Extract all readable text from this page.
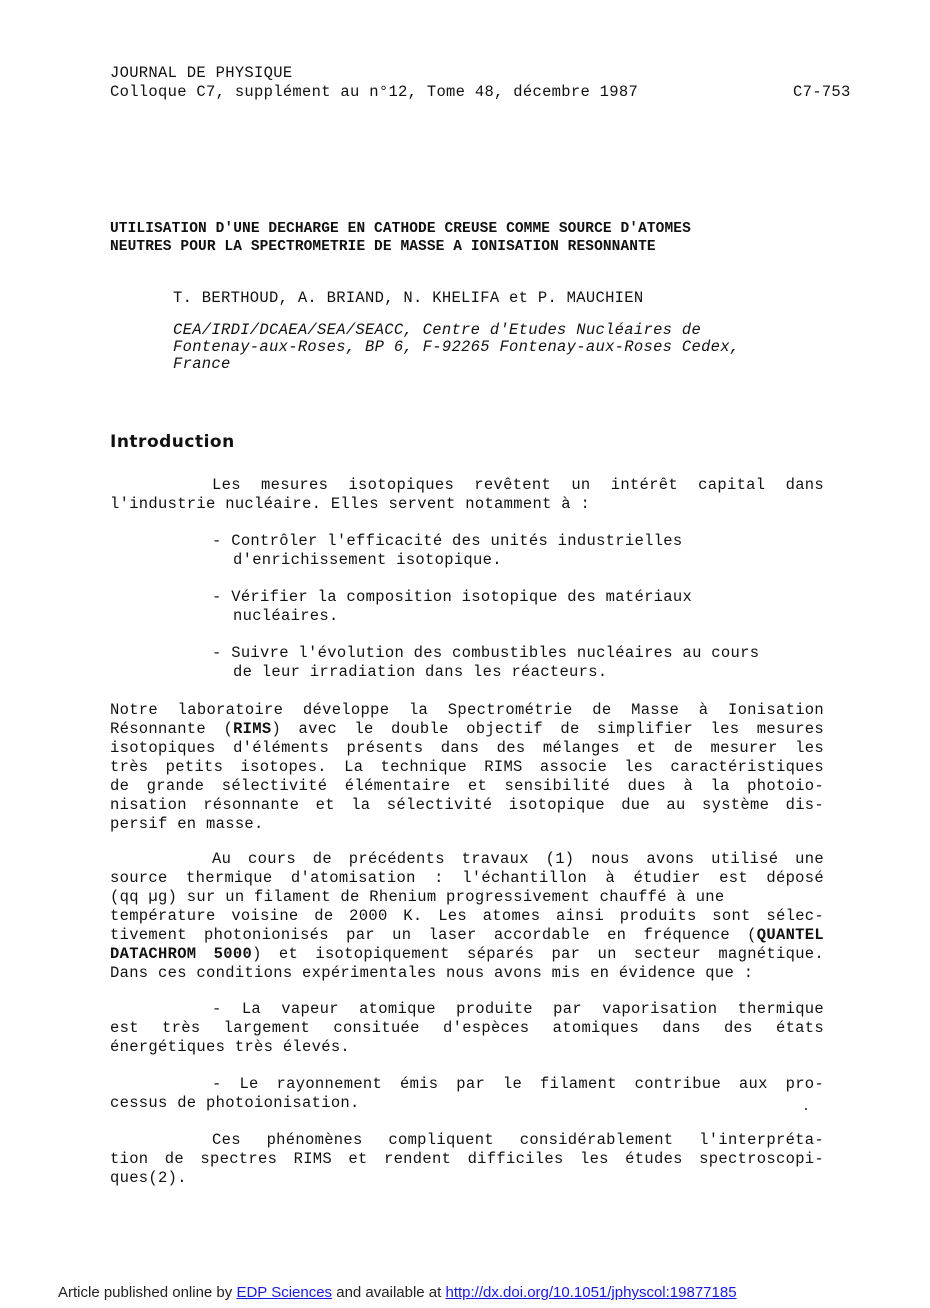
JOURNAL DE PHYSIQUE
Colloque C7, supplément au n°12, Tome 48, décembre 1987	C7-753
UTILISATION D'UNE DECHARGE EN CATHODE CREUSE COMME SOURCE D'ATOMES
NEUTRES POUR LA SPECTROMETRIE DE MASSE A IONISATION RESONNANTE
T. BERTHOUD, A. BRIAND, N. KHELIFA et P. MAUCHIEN
CEA/IRDI/DCAEA/SEA/SEACC, Centre d'Etudes Nucléaires de
Fontenay-aux-Roses, BP 6, F-92265 Fontenay-aux-Roses Cedex,
France
Introduction
Les mesures isotopiques revêtent un intérêt capital dans
l'industrie nucléaire. Elles servent notamment à :
- Contrôler l'efficacité des unités industrielles
d'enrichissement isotopique.
- Vérifier la composition isotopique des matériaux
nucléaires.
- Suivre l'évolution des combustibles nucléaires au cours
de leur irradiation dans les réacteurs.
Notre laboratoire développe la Spectrométrie de Masse à Ionisation
Résonnante (RIMS) avec le double objectif de simplifier les mesures
isotopiques d'éléments présents dans des mélanges et de mesurer les
très petits isotopes. La technique RIMS associe les caractéristiques
de grande sélectivité élémentaire et sensibilité dues à la photoio-
nisation résonnante et la sélectivité isotopique due au système dis-
persif en masse.
Au cours de précédents travaux (1) nous avons utilisé une
source thermique d'atomisation : l'échantillon à étudier est déposé
(qq µg) sur un filament de Rhenium progressivement chauffé à une
température voisine de 2000 K. Les atomes ainsi produits sont sélec-
tivement photonionisés par un laser accordable en fréquence (QUANTEL
DATACHROM 5000) et isotopiquement séparés par un secteur magnétique.
Dans ces conditions expérimentales nous avons mis en évidence que :
- La vapeur atomique produite par vaporisation thermique
est très largement consituée d'espèces atomiques dans des états
énergétiques très élevés.
- Le rayonnement émis par le filament contribue aux pro-
cessus de photoionisation.
Ces phénomènes compliquent considérablement l'interpréta-
tion de spectres RIMS et rendent difficiles les études spectroscopi-
ques(2).
Article published online by EDP Sciences and available at http://dx.doi.org/10.1051/jphyscol:19877185
